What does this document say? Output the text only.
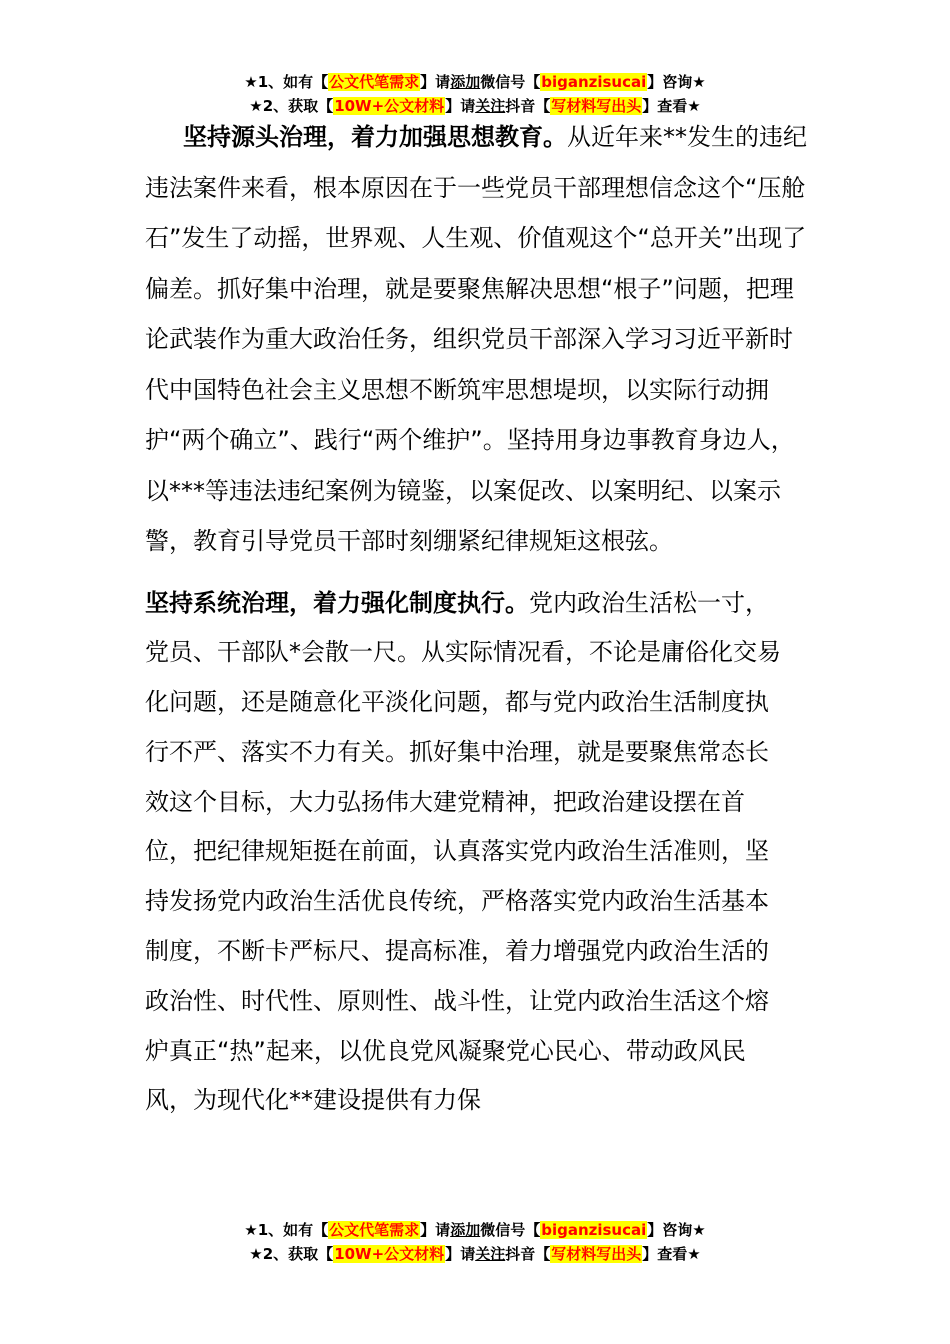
★1、如有【公文代笔需求】请添加微信号【biganzisucai】咨询★
★2、获取【10W+公文材料】请关注抖音【写材料写出头】查看★

坚持源头治理，着力加强思想教育。从近年来**发生的违纪违法案件来看，根本原因在于一些党员干部理想信念这个“压舱石”发生了动摇，世界观、人生观、价值观这个“总开关”出现了偏差。抓好集中治理，就是要聚焦解决思想“根子”问题，把理论武装作为重大政治任务，组织党员干部深入学习习近平新时代中国特色社会主义思想不断筑牢思想堤坝，以实际行动拥护“两个确立”、践行“两个维护”。坚持用身边事教育身边人，以***等违法违纪案例为镜鉴，以案促改、以案明纪、以案示警，教育引导党员干部时刻绷紧纪律规矩这根弦。

坚持系统治理，着力强化制度执行。党内政治生活松一寸，党员、干部队*会散一尺。从实际情况看，不论是庸俗化交易化问题，还是随意化平淡化问题，都与党内政治生活制度执行不严、落实不力有关。抓好集中治理，就是要聚焦常态长效这个目标，大力弘扬伟大建党精神，把政治建设摆在首位，把纪律规矩挺在前面，认真落实党内政治生活准则，坚持发扬党内政治生活优良传统，严格落实党内政治生活基本制度，不断卡严标尺、提高标准，着力增强党内政治生活的政治性、时代性、原则性、战斗性，让党内政治生活这个熔炉真正“热”起来，以优良党风凝聚党心民心、带动政风民风，为现代化**建设提供有力保

★1、如有【公文代笔需求】请添加微信号【biganzisucai】咨询★
★2、获取【10W+公文材料】请关注抖音【写材料写出头】查看★
